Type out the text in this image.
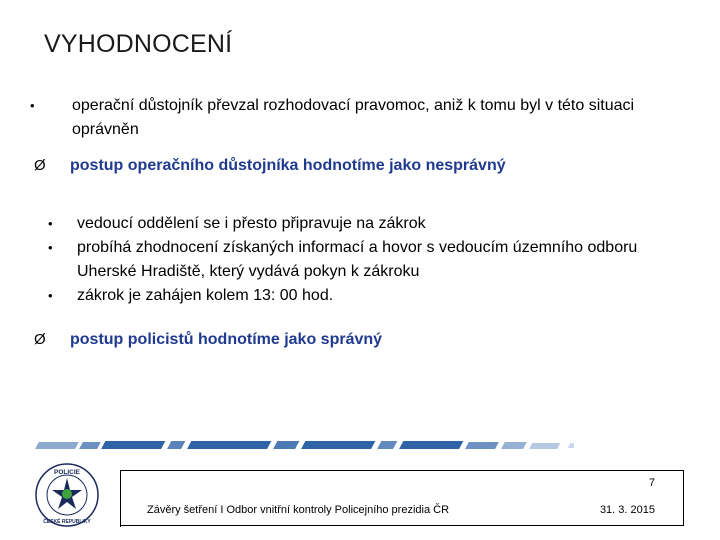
VYHODNOCENÍ
•	operační důstojník převzal rozhodovací pravomoc, aniž k tomu byl v této situaci oprávněn
Ø postup operačního důstojníka hodnotíme jako nesprávný
•	vedoucí oddělení se i přesto připravuje na zákrok
•	probíhá zhodnocení získaných informací a hovor s vedoucím územního odboru Uherské Hradiště, který vydává pokyn k zákroku
•	zákrok je zahájen kolem 13: 00 hod.
Ø postup policistů hodnotíme jako správný
POLICIE
ČESKÉ REPUBLIKY
7
Závěry šetření I Odbor vnitřní kontroly Policejního prezidia ČR	31. 3. 2015
